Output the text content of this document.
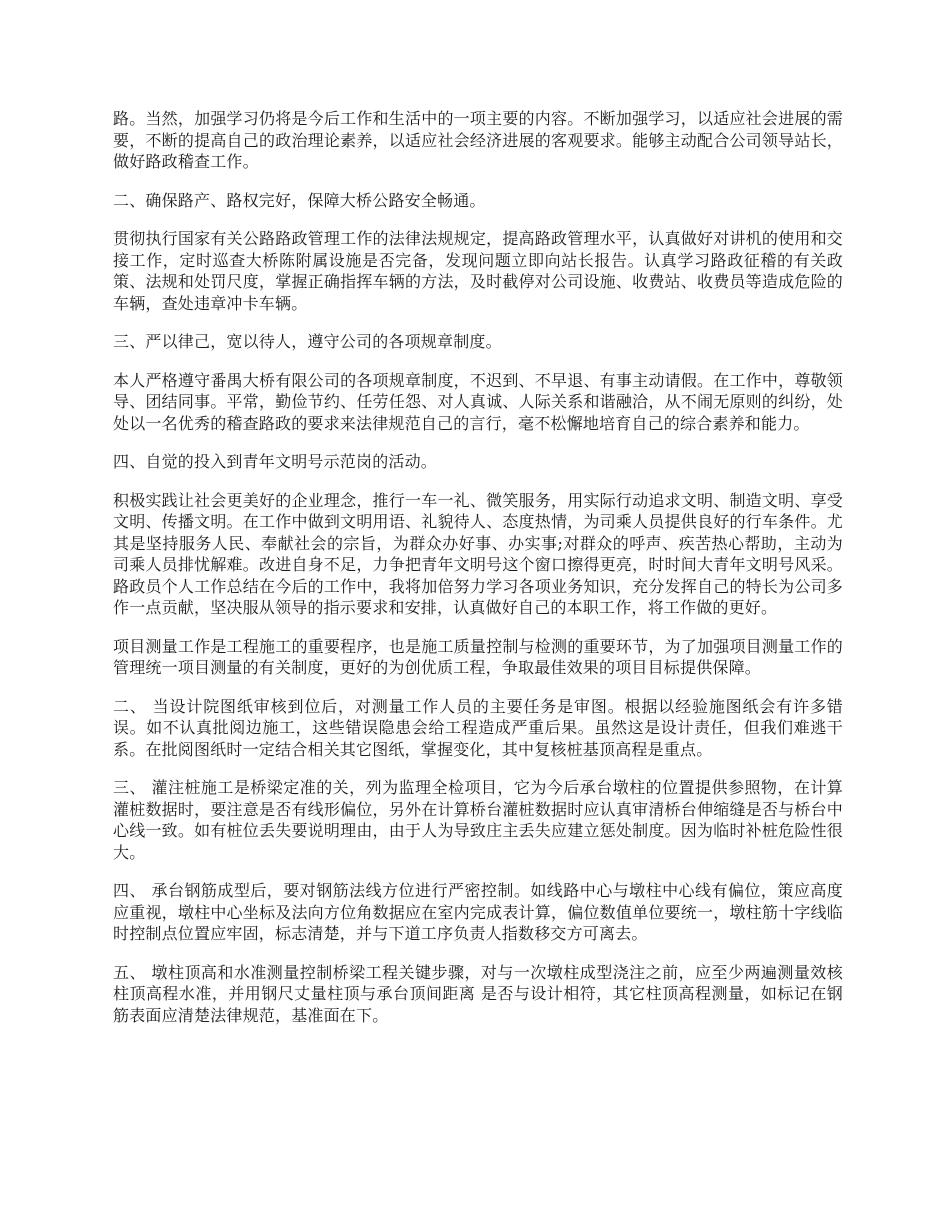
路。当然，加强学习仍将是今后工作和生活中的一项主要的内容。不断加强学习，以适应社会进展的需要，不断的提高自己的政治理论素养，以适应社会经济进展的客观要求。能够主动配合公司领导站长，做好路政稽查工作。

二、确保路产、路权完好，保障大桥公路安全畅通。

贯彻执行国家有关公路路政管理工作的法律法规规定，提高路政管理水平，认真做好对讲机的使用和交接工作，定时巡查大桥陈附属设施是否完备，发现问题立即向站长报告。认真学习路政征稽的有关政策、法规和处罚尺度，掌握正确指挥车辆的方法，及时截停对公司设施、收费站、收费员等造成危险的车辆，查处违章冲卡车辆。

三、严以律己，宽以待人，遵守公司的各项规章制度。

本人严格遵守番禺大桥有限公司的各项规章制度，不迟到、不早退、有事主动请假。在工作中，尊敬领导、团结同事。平常，勤俭节约、任劳任怨、对人真诚、人际关系和谐融洽，从不闹无原则的纠纷，处处以一名优秀的稽查路政的要求来法律规范自己的言行，毫不松懈地培育自己的综合素养和能力。

四、自觉的投入到青年文明号示范岗的活动。

积极实践让社会更美好的企业理念，推行一车一礼、微笑服务，用实际行动追求文明、制造文明、享受文明、传播文明。在工作中做到文明用语、礼貌待人、态度热情，为司乘人员提供良好的行车条件。尤其是坚持服务人民、奉献社会的宗旨，为群众办好事、办实事;对群众的呼声、疾苦热心帮助，主动为司乘人员排忧解难。改进自身不足，力争把青年文明号这个窗口擦得更亮，时时间大青年文明号风采。路政员个人工作总结在今后的工作中，我将加倍努力学习各项业务知识，充分发挥自己的特长为公司多作一点贡献，坚决服从领导的指示要求和安排，认真做好自己的本职工作，将工作做的更好。

项目测量工作是工程施工的重要程序，也是施工质量控制与检测的重要环节，为了加强项目测量工作的管理统一项目测量的有关制度，更好的为创优质工程，争取最佳效果的项目目标提供保障。

二、 当设计院图纸审核到位后，对测量工作人员的主要任务是审图。根据以经验施图纸会有许多错误。如不认真批阅边施工，这些错误隐患会给工程造成严重后果。虽然这是设计责任，但我们难逃干系。在批阅图纸时一定结合相关其它图纸，掌握变化，其中复核桩基顶高程是重点。

三、 灌注桩施工是桥梁定准的关，列为监理全检项目，它为今后承台墩柱的位置提供参照物，在计算灌桩数据时，要注意是否有线形偏位，另外在计算桥台灌桩数据时应认真审清桥台伸缩缝是否与桥台中心线一致。如有桩位丢失要说明理由，由于人为导致庄主丢失应建立惩处制度。因为临时补桩危险性很大。

四、 承台钢筋成型后，要对钢筋法线方位进行严密控制。如线路中心与墩柱中心线有偏位，策应高度应重视，墩柱中心坐标及法向方位角数据应在室内完成表计算，偏位数值单位要统一，墩柱筋十字线临时控制点位置应牢固，标志清楚，并与下道工序负责人指数移交方可离去。

五、 墩柱顶高和水准测量控制桥梁工程关键步骤，对与一次墩柱成型浇注之前，应至少两遍测量效核柱顶高程水准，并用钢尺丈量柱顶与承台顶间距离 是否与设计相符，其它柱顶高程测量，如标记在钢筋表面应清楚法律规范，基准面在下。
